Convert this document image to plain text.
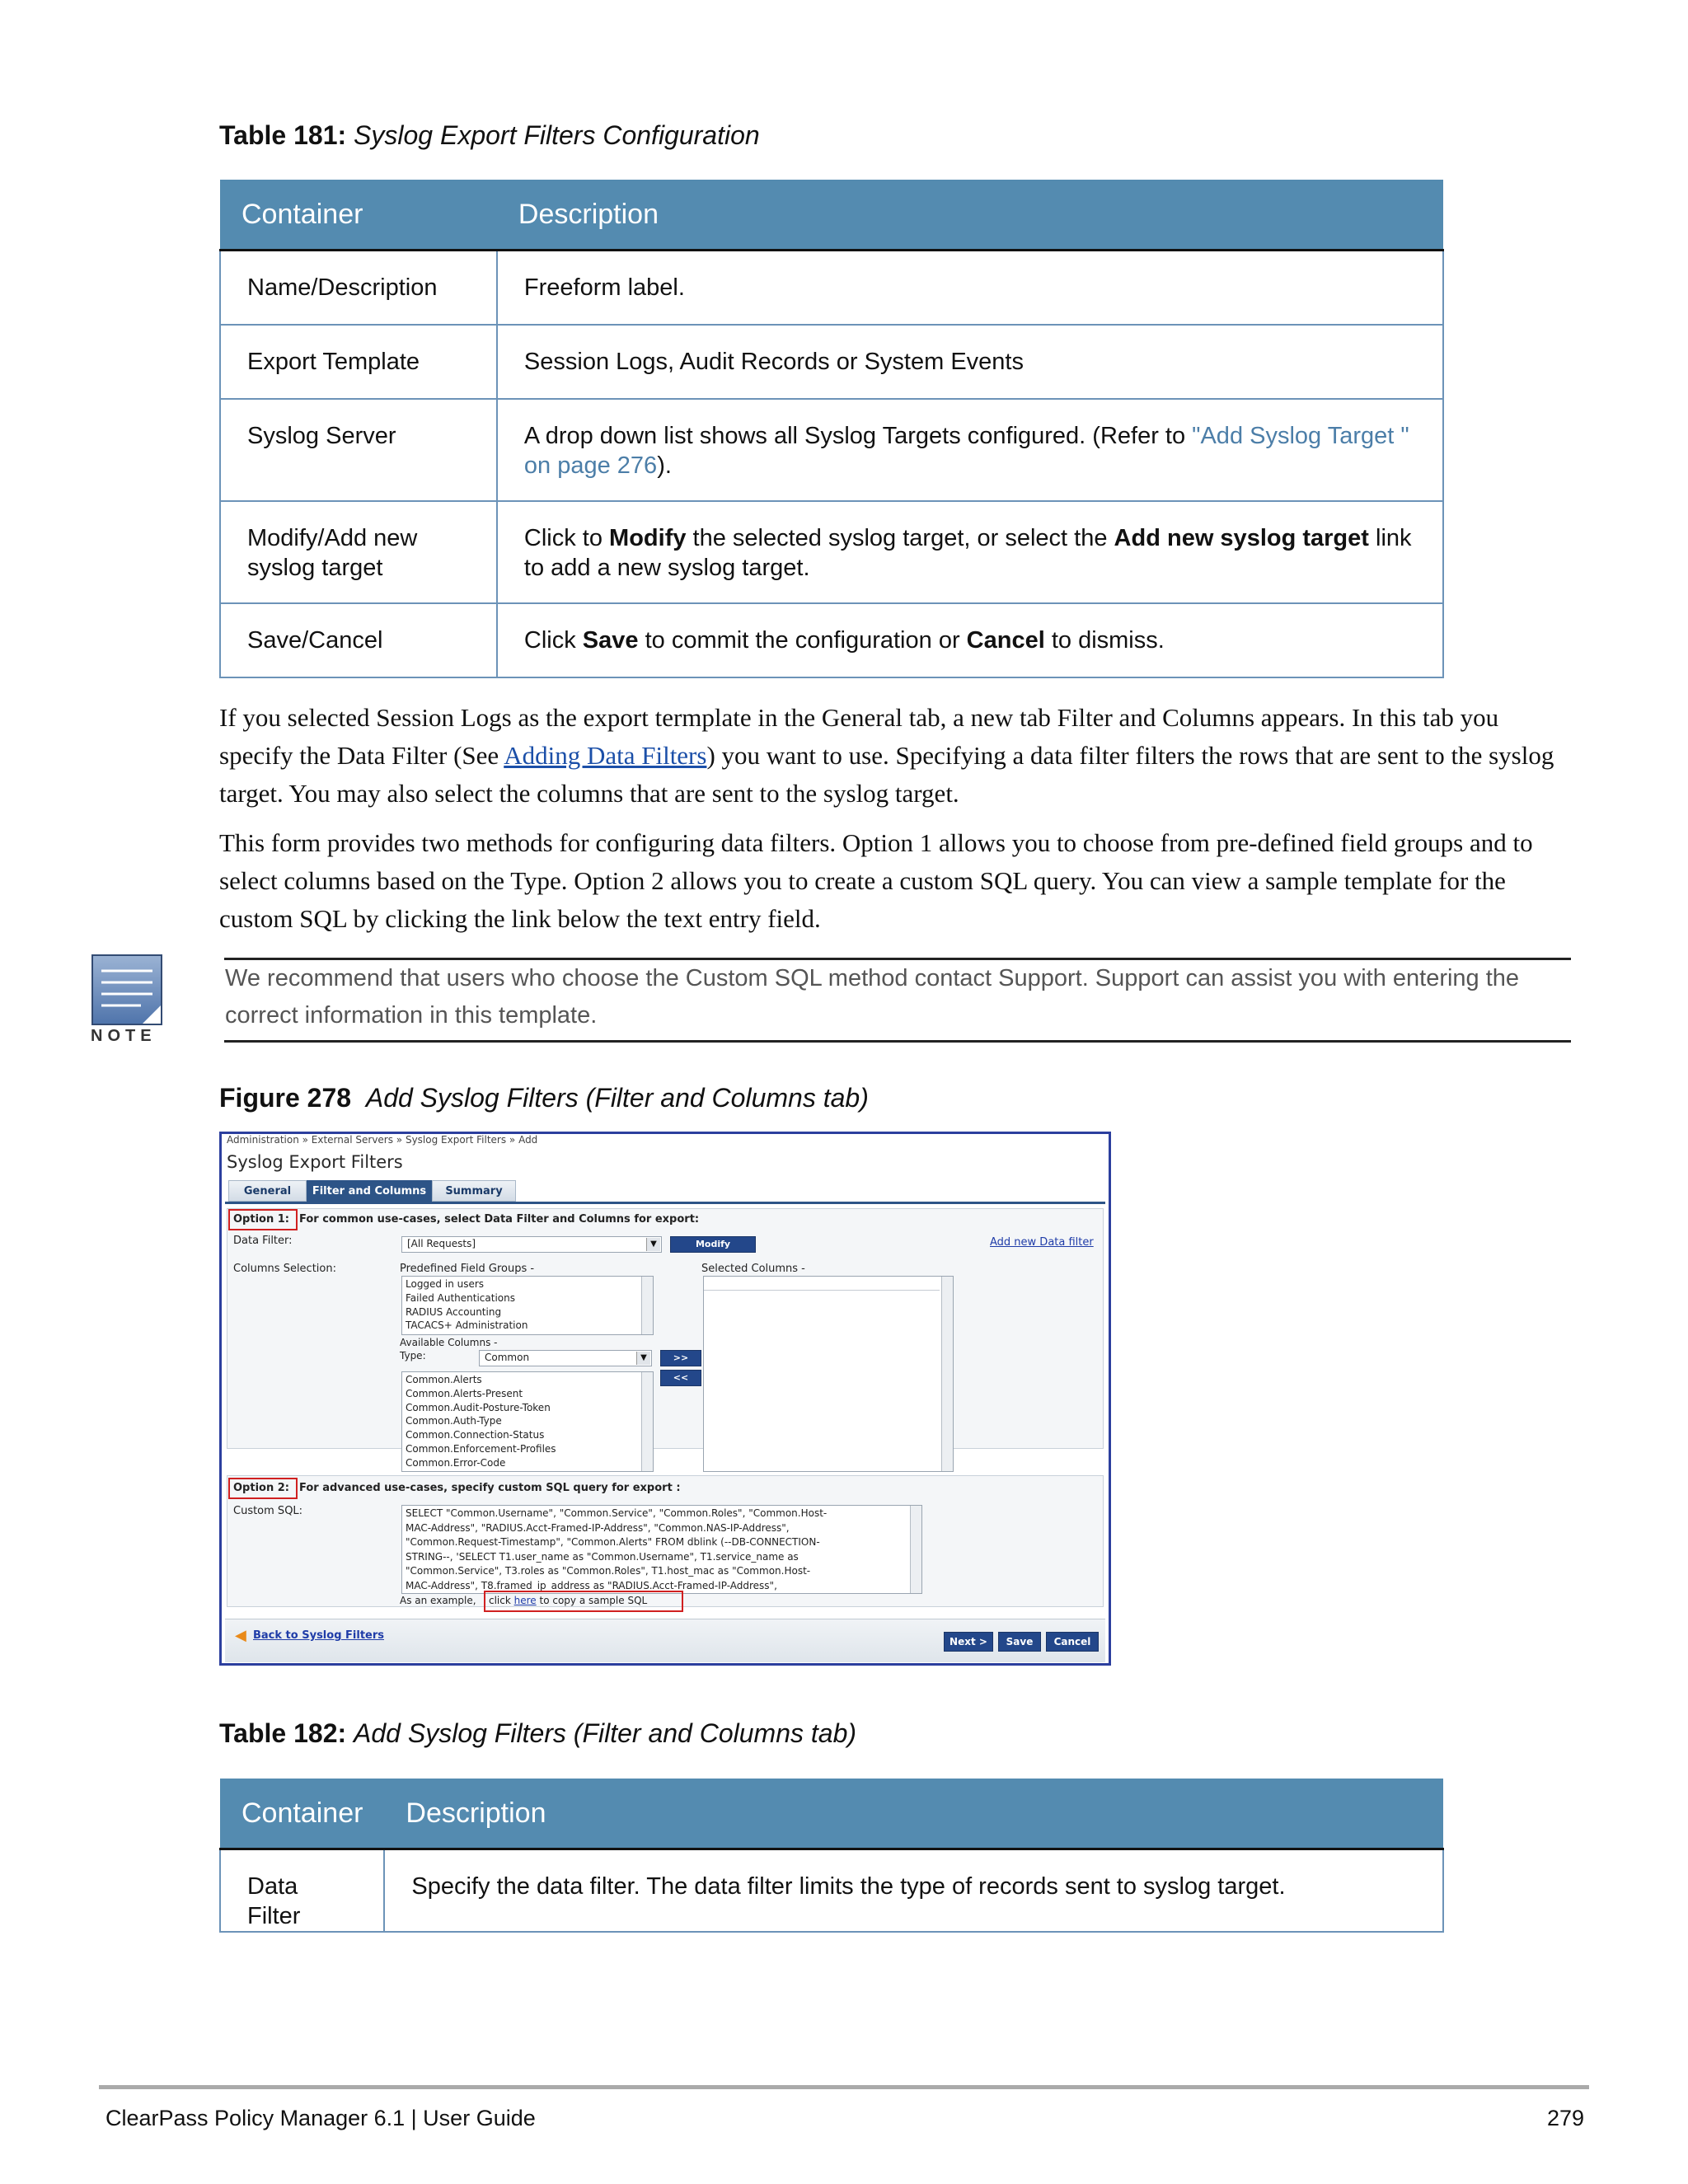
Table 181: Syslog Export Filters Configuration
Container	Description
Name/Description	Freeform label.
Export Template	Session Logs, Audit Records or System Events
Syslog Server	A drop down list shows all Syslog Targets configured. (Refer to "Add Syslog Target " on page 276).
Modify/Add new syslog target	Click to Modify the selected syslog target, or select the Add new syslog target link to add a new syslog target.
Save/Cancel	Click Save to commit the configuration or Cancel to dismiss.
If you selected Session Logs as the export termplate in the General tab, a new tab Filter and Columns appears. In this tab you specify the Data Filter (See Adding Data Filters) you want to use. Specifying a data filter filters the rows that are sent to the syslog target. You may also select the columns that are sent to the syslog target.
This form provides two methods for configuring data filters. Option 1 allows you to choose from pre-defined field groups and to select columns based on the Type. Option 2 allows you to create a custom SQL query. You can view a sample template for the custom SQL by clicking the link below the text entry field.
NOTE
We recommend that users who choose the Custom SQL method contact Support. Support can assist you with entering the correct information in this template.
Figure 278 Add Syslog Filters (Filter and Columns tab)
Administration » External Servers » Syslog Export Filters » Add
Syslog Export Filters
General	Filter and Columns	Summary
Option 1: For common use-cases, select Data Filter and Columns for export:
Data Filter:	[All Requests]	▼	Modify	Add new Data filter
Columns Selection:	Predefined Field Groups -	Selected Columns -
Logged in users
Failed Authentications
RADIUS Accounting
TACACS+ Administration
Available Columns -
Type:	Common	▼	>>
<<
Common.Alerts
Common.Alerts-Present
Common.Audit-Posture-Token
Common.Auth-Type
Common.Connection-Status
Common.Enforcement-Profiles
Common.Error-Code
Option 2: For advanced use-cases, specify custom SQL query for export :
Custom SQL:	SELECT "Common.Username", "Common.Service", "Common.Roles", "Common.Host-
MAC-Address", "RADIUS.Acct-Framed-IP-Address", "Common.NAS-IP-Address",
"Common.Request-Timestamp", "Common.Alerts" FROM dblink (--DB-CONNECTION-
STRING--, 'SELECT T1.user_name as "Common.Username", T1.service_name as
"Common.Service", T3.roles as "Common.Roles", T1.host_mac as "Common.Host-
MAC-Address", T8.framed_ip_address as "RADIUS.Acct-Framed-IP-Address",
As an example, click here to copy a sample SQL
◀ Back to Syslog Filters	Next >	Save	Cancel
Table 182: Add Syslog Filters (Filter and Columns tab)
Container	Description
Data Filter	Specify the data filter. The data filter limits the type of records sent to syslog target.
ClearPass Policy Manager 6.1 | User Guide	279
